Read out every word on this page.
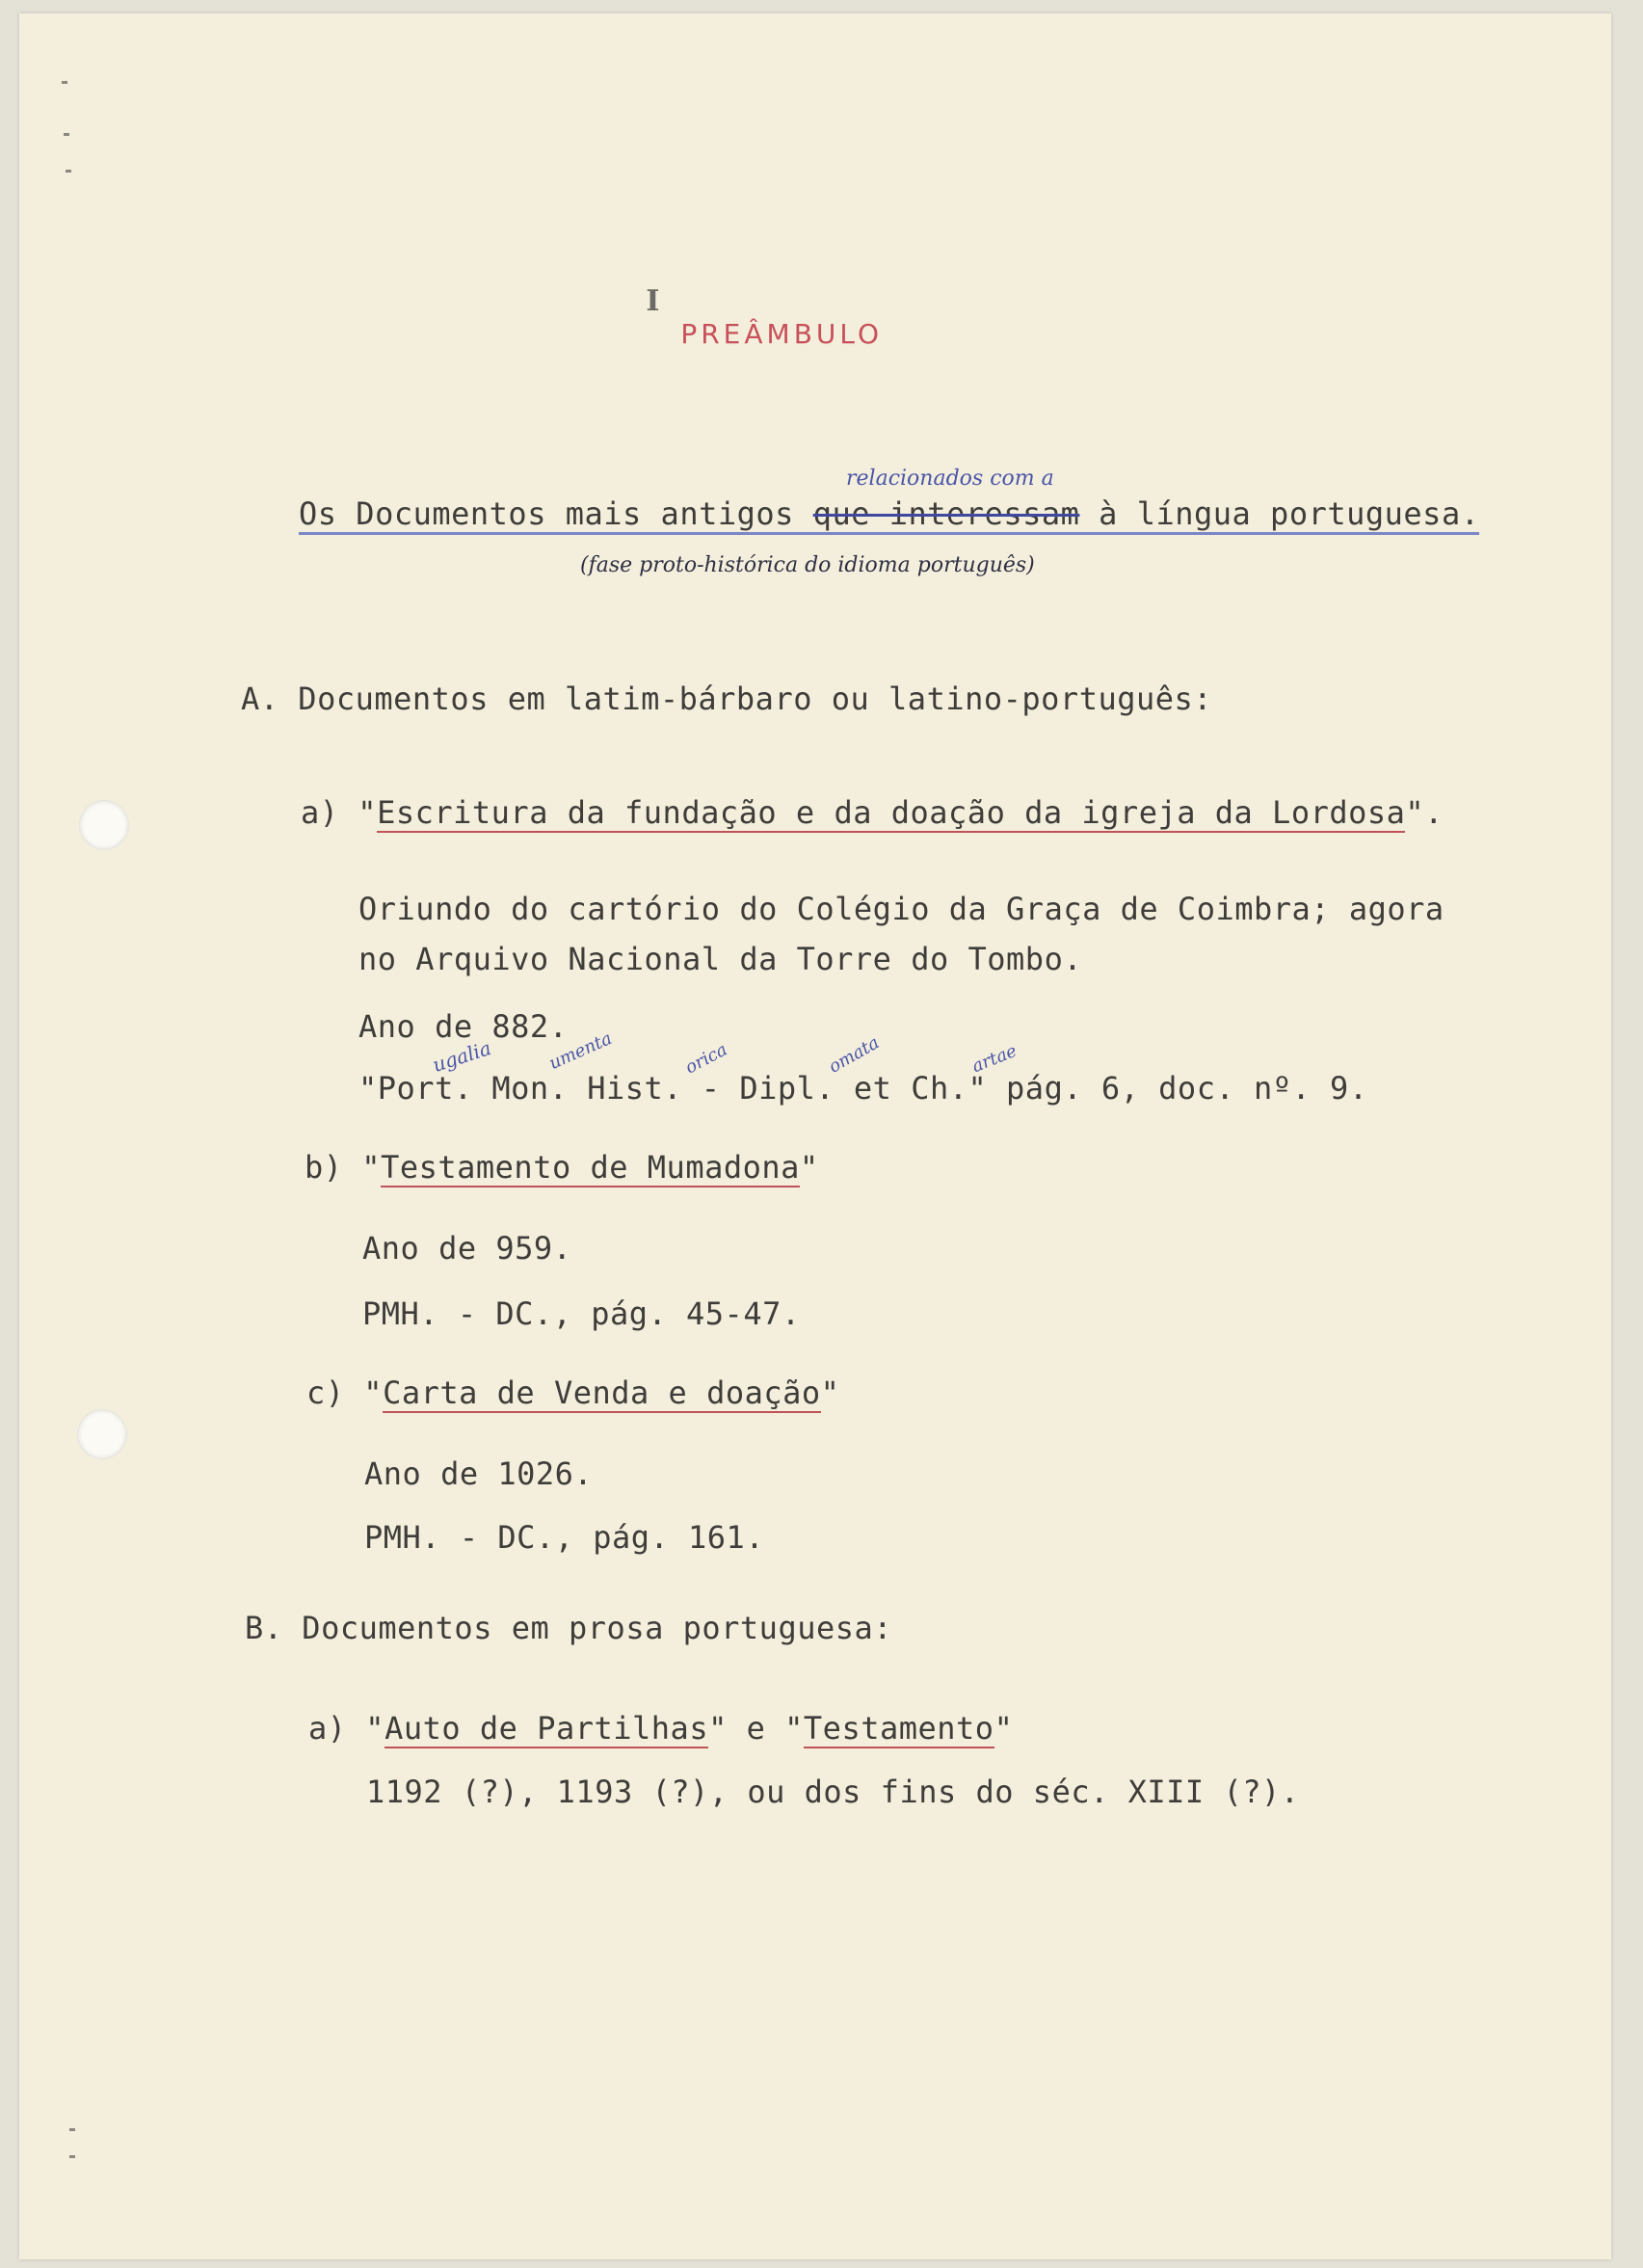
I
PREÂMBULO

relacionados com a
Os Documentos mais antigos que interessam à língua portuguesa.
(fase proto-histórica do idioma português)
A. Documentos em latim-bárbaro ou latino-português:
a) "Escritura da fundação e da doação da igreja da Lordosa".
Oriundo do cartório do Colégio da Graça de Coimbra; agora
no Arquivo Nacional da Torre do Tombo.
Ano de 882.
ugalia	umenta	orica	omata	artae
"Port. Mon. Hist. - Dipl. et Ch." pág. 6, doc. nº. 9.
b) "Testamento de Mumadona"
Ano de 959.
PMH. - DC., pág. 45-47.
c) "Carta de Venda e doação"
Ano de 1026.
PMH. - DC., pág. 161.
B. Documentos em prosa portuguesa:
a) "Auto de Partilhas" e "Testamento"
1192 (?), 1193 (?), ou dos fins do séc. XIII (?).
